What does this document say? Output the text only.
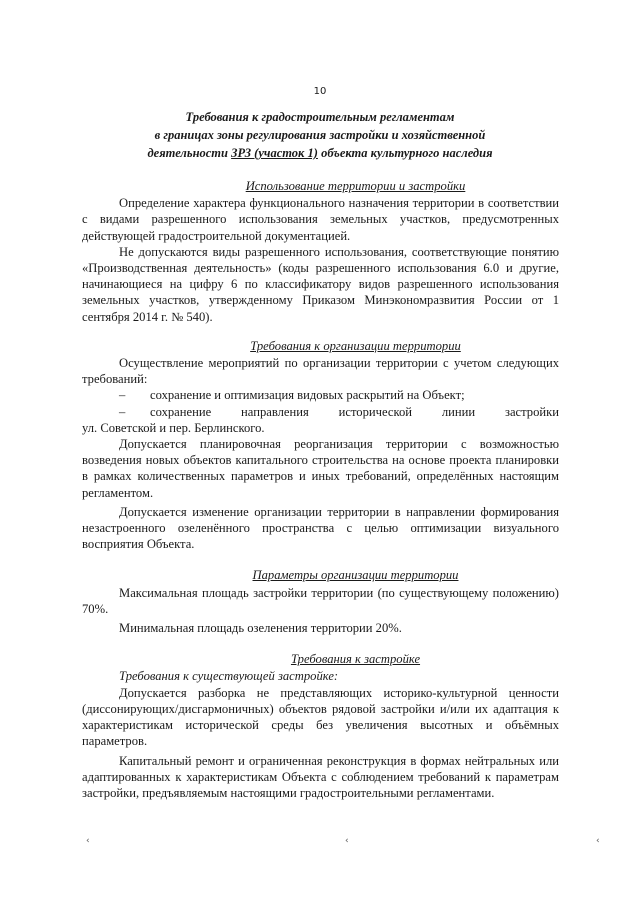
10
Требования к градостроительным регламентам
в границах зоны регулирования застройки и хозяйственной
деятельности ЗРЗ (участок 1) объекта культурного наследия
Использование территории и застройки

Определение характера функционального назначения территории в соответствии с видами разрешенного использования земельных участков, предусмотренных действующей градостроительной документацией.

Не допускаются виды разрешенного использования, соответствующие понятию «Производственная деятельность» (коды разрешенного использования 6.0 и другие, начинающиеся на цифру 6 по классификатору видов разрешенного использования земельных участков, утвержденному Приказом Минэкономразвития России от 1 сентября 2014 г. № 540).

Требования к организации территории

Осуществление мероприятий по организации территории с учетом следующих требований:

–	сохранение и оптимизация видовых раскрытий на Объект;
–	сохранение направления исторической линии застройки

ул. Советской и пер. Берлинского.

Допускается планировочная реорганизация территории с возможностью возведения новых объектов капитального строительства на основе проекта планировки в рамках количественных параметров и иных требований, определённых настоящим регламентом.

Допускается изменение организации территории в направлении формирования незастроенного озеленённого пространства с целью оптимизации визуального восприятия Объекта.

Параметры организации территории

Максимальная площадь застройки территории (по существующему положению) 70%.

Минимальная площадь озеленения территории 20%.

Требования к застройке

Требования к существующей застройке:

Допускается разборка не представляющих историко-культурной ценности (диссонирующих/дисгармоничных) объектов рядовой застройки и/или их адаптация к характеристикам исторической среды без увеличения высотных и объёмных параметров.

Капитальный ремонт и ограниченная реконструкция в формах нейтральных или адаптированных к характеристикам Объекта с соблюдением требований к параметрам застройки, предъявляемым настоящими градостроительными регламентами.

‹	‹	‹
